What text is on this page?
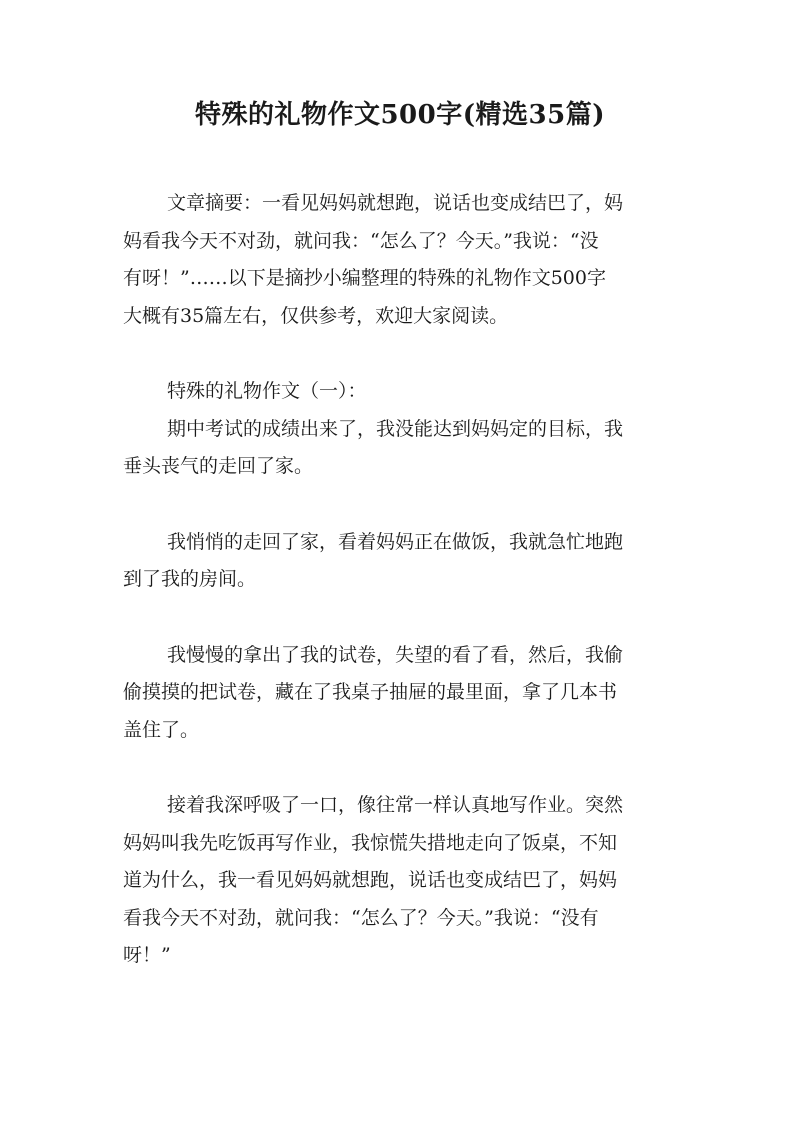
特殊的礼物作文500字(精选35篇)

文章摘要：一看见妈妈就想跑，说话也变成结巴了，妈
妈看我今天不对劲，就问我：“怎么了？今天。”我说：“没
有呀！”……以下是摘抄小编整理的特殊的礼物作文500字
大概有35篇左右，仅供参考，欢迎大家阅读。

特殊的礼物作文（一）：

期中考试的成绩出来了，我没能达到妈妈定的目标，我
垂头丧气的走回了家。

我悄悄的走回了家，看着妈妈正在做饭，我就急忙地跑
到了我的房间。

我慢慢的拿出了我的试卷，失望的看了看，然后，我偷
偷摸摸的把试卷，藏在了我桌子抽屉的最里面，拿了几本书
盖住了。

接着我深呼吸了一口，像往常一样认真地写作业。突然
妈妈叫我先吃饭再写作业，我惊慌失措地走向了饭桌，不知
道为什么，我一看见妈妈就想跑，说话也变成结巴了，妈妈
看我今天不对劲，就问我：“怎么了？今天。”我说：“没有
呀！”
